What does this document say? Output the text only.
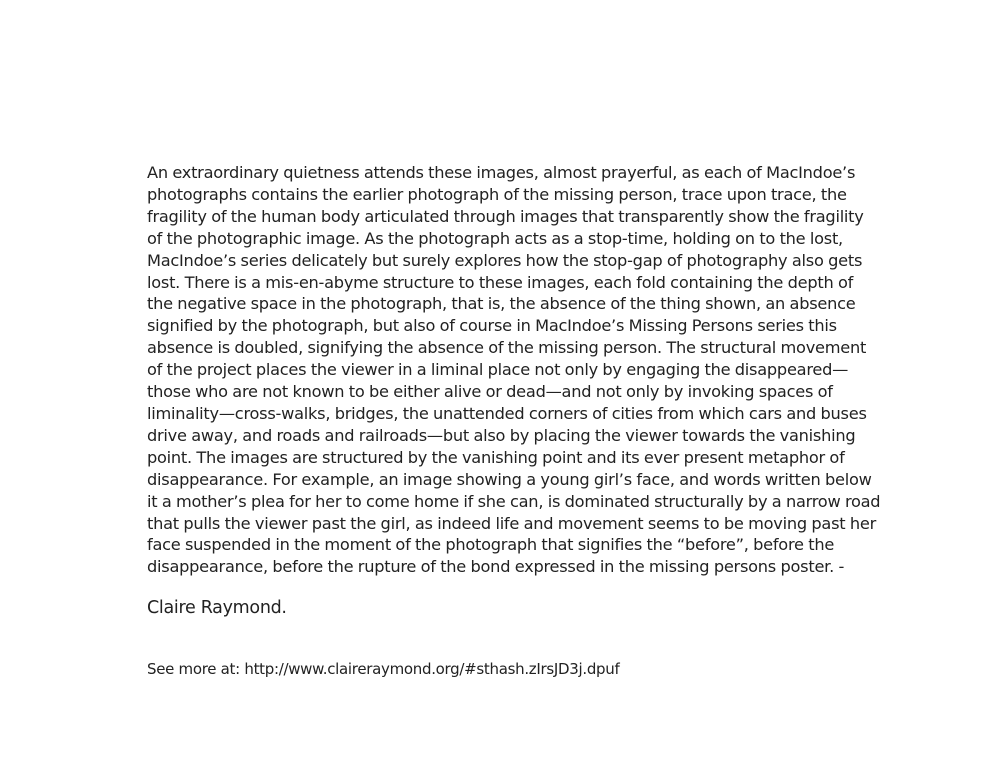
An extraordinary quietness attends these images, almost prayerful, as each of MacIndoe’s
photographs contains the earlier photograph of the missing person, trace upon trace, the
fragility of the human body articulated through images that transparently show the fragility
of the photographic image. As the photograph acts as a stop-time, holding on to the lost,
MacIndoe’s series delicately but surely explores how the stop-gap of photography also gets
lost. There is a mis-en-abyme structure to these images, each fold containing the depth of
the negative space in the photograph, that is, the absence of the thing shown, an absence
signified by the photograph, but also of course in MacIndoe’s Missing Persons series this
absence is doubled, signifying the absence of the missing person. The structural movement
of the project places the viewer in a liminal place not only by engaging the disappeared—
those who are not known to be either alive or dead—and not only by invoking spaces of
liminality—cross-walks, bridges, the unattended corners of cities from which cars and buses
drive away, and roads and railroads—but also by placing the viewer towards the vanishing
point. The images are structured by the vanishing point and its ever present metaphor of
disappearance. For example, an image showing a young girl’s face, and words written below
it a mother’s plea for her to come home if she can, is dominated structurally by a narrow road
that pulls the viewer past the girl, as indeed life and movement seems to be moving past her
face suspended in the moment of the photograph that signifies the “before”, before the
disappearance, before the rupture of the bond expressed in the missing persons poster. -

Claire Raymond.

See more at: http://www.claireraymond.org/#sthash.zIrsJD3j.dpuf
